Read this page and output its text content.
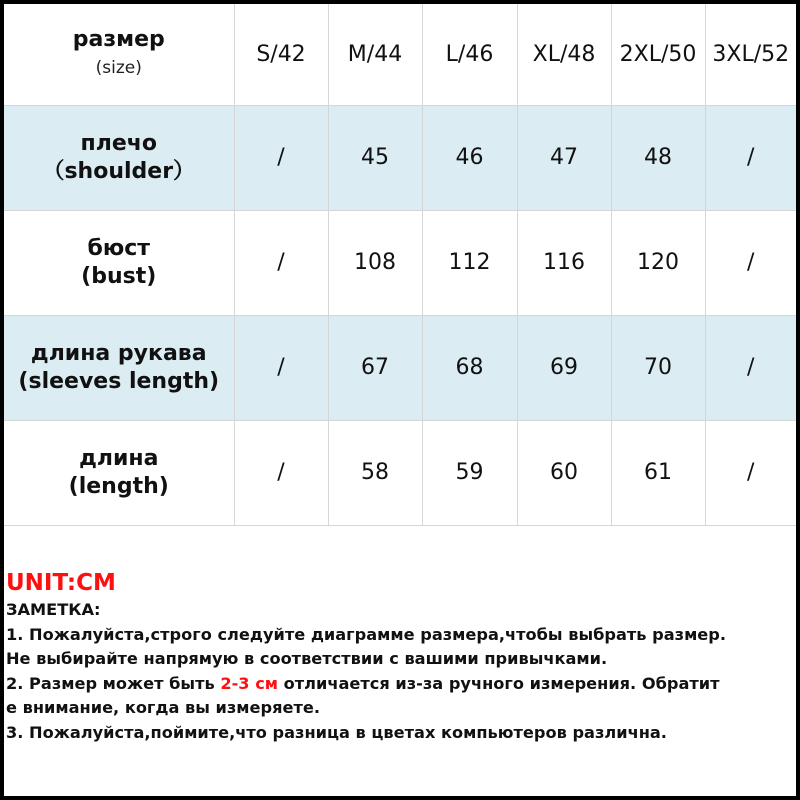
размер
(size)	S/42	M/44	L/46	XL/48	2XL/50	3XL/52

плечо
（shoulder）	/	45	46	47	48	/

бюст
(bust)	/	108	112	116	120	/

длина рукава
(sleeves length)	/	67	68	69	70	/

длина
(length)	/	58	59	60	61	/
UNIT:CM
ЗАМЕТКА:
1. Пожалуйста,строго следуйте диаграмме размера,чтобы выбрать размер.
Не выбирайте напрямую в соответствии с вашими привычками.
2. Размер может быть 2-3 см отличается из-за ручного измерения. Обратит
е внимание, когда вы измеряете.
3. Пожалуйста,поймите,что разница в цветах компьютеров различна.
